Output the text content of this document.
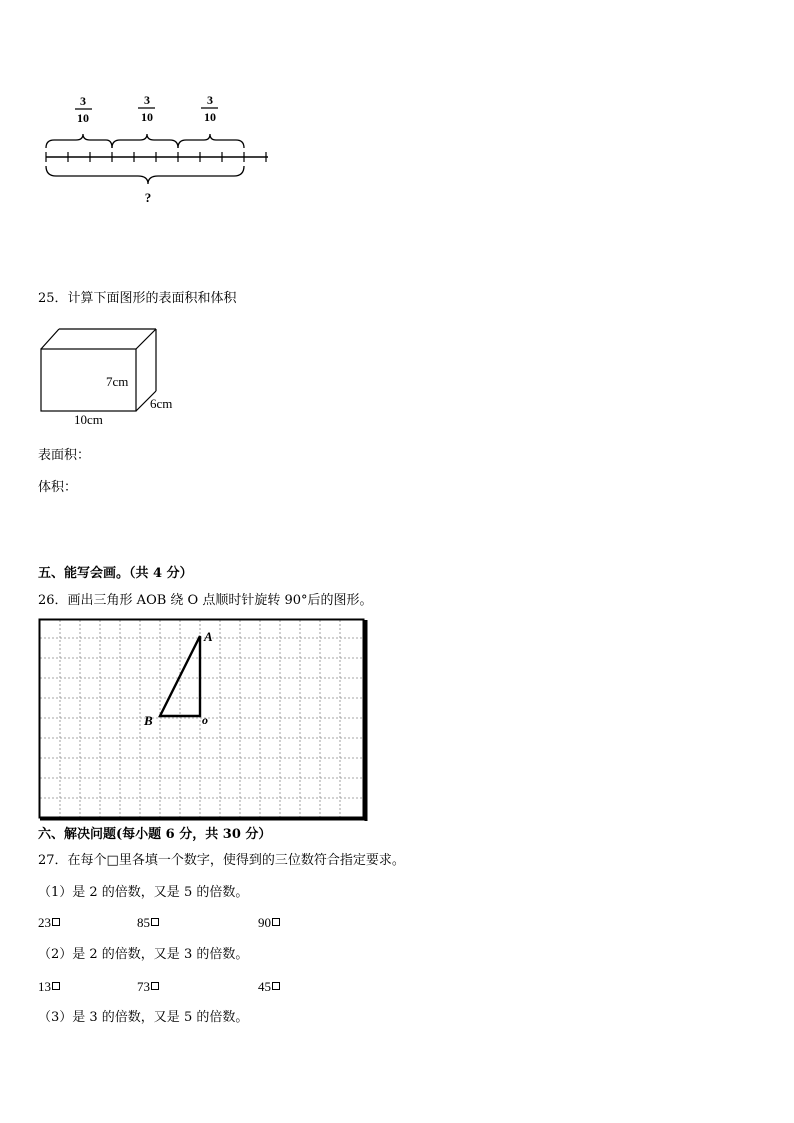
3
10
3
10
3
10
?
25．计算下面图形的表面积和体积
7cm
6cm
10cm
表面积：
体积：
五、能写会画。（共 4 分）
26．画出三角形 AOB 绕 O 点顺时针旋转 90°后的图形。
A
B	o
六、解决问题(每小题 6 分，共 30 分）
27．在每个□里各填一个数字，使得到的三位数符合指定要求。
（1）是 2 的倍数，又是 5 的倍数。
23	85	90
（2）是 2 的倍数，又是 3 的倍数。
13	73	45
（3）是 3 的倍数，又是 5 的倍数。
